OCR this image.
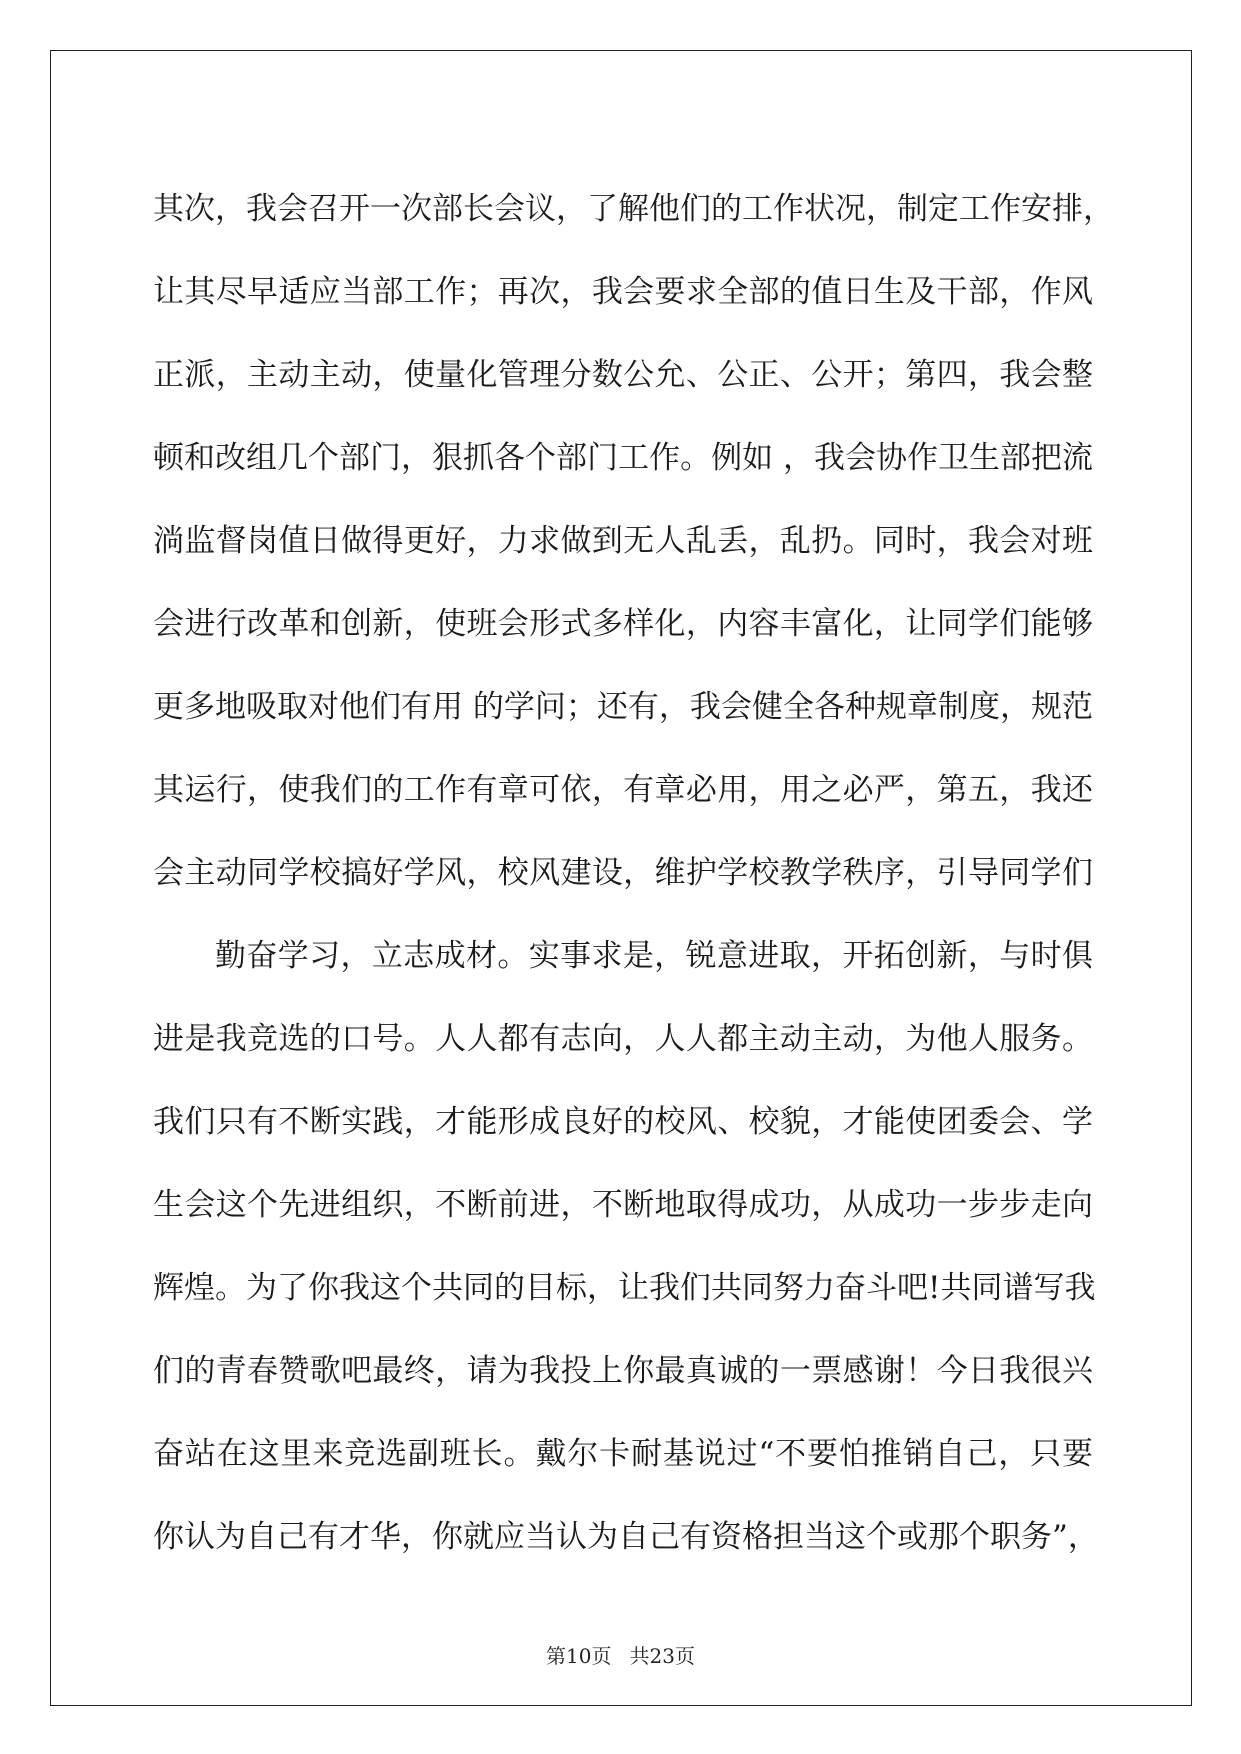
其次，我会召开一次部长会议，了解他们的工作状况，制定工作安排，
让其尽早适应当部工作；再次，我会要求全部的值日生及干部，作风
正派，主动主动，使量化管理分数公允、公正、公开；第四，我会整
顿和改组几个部门，狠抓各个部门工作。例如 ，我会协作卫生部把流
淌监督岗值日做得更好，力求做到无人乱丢，乱扔。同时，我会对班
会进行改革和创新，使班会形式多样化，内容丰富化，让同学们能够
更多地吸取对他们有用 的学问；还有，我会健全各种规章制度，规范
其运行，使我们的工作有章可依，有章必用，用之必严，第五，我还
会主动同学校搞好学风，校风建设，维护学校教学秩序，引导同学们
勤奋学习，立志成材。实事求是，锐意进取，开拓创新，与时俱
进是我竞选的口号。人人都有志向，人人都主动主动，为他人服务。
我们只有不断实践，才能形成良好的校风、校貌，才能使团委会、学
生会这个先进组织，不断前进，不断地取得成功，从成功一步步走向
辉煌。为了你我这个共同的目标，让我们共同努力奋斗吧!共同谱写我
们的青春赞歌吧最终，请为我投上你最真诚的一票感谢！今日我很兴
奋站在这里来竞选副班长。戴尔卡耐基说过“不要怕推销自己，只要
你认为自己有才华，你就应当认为自己有资格担当这个或那个职务”，
第10页 共23页
